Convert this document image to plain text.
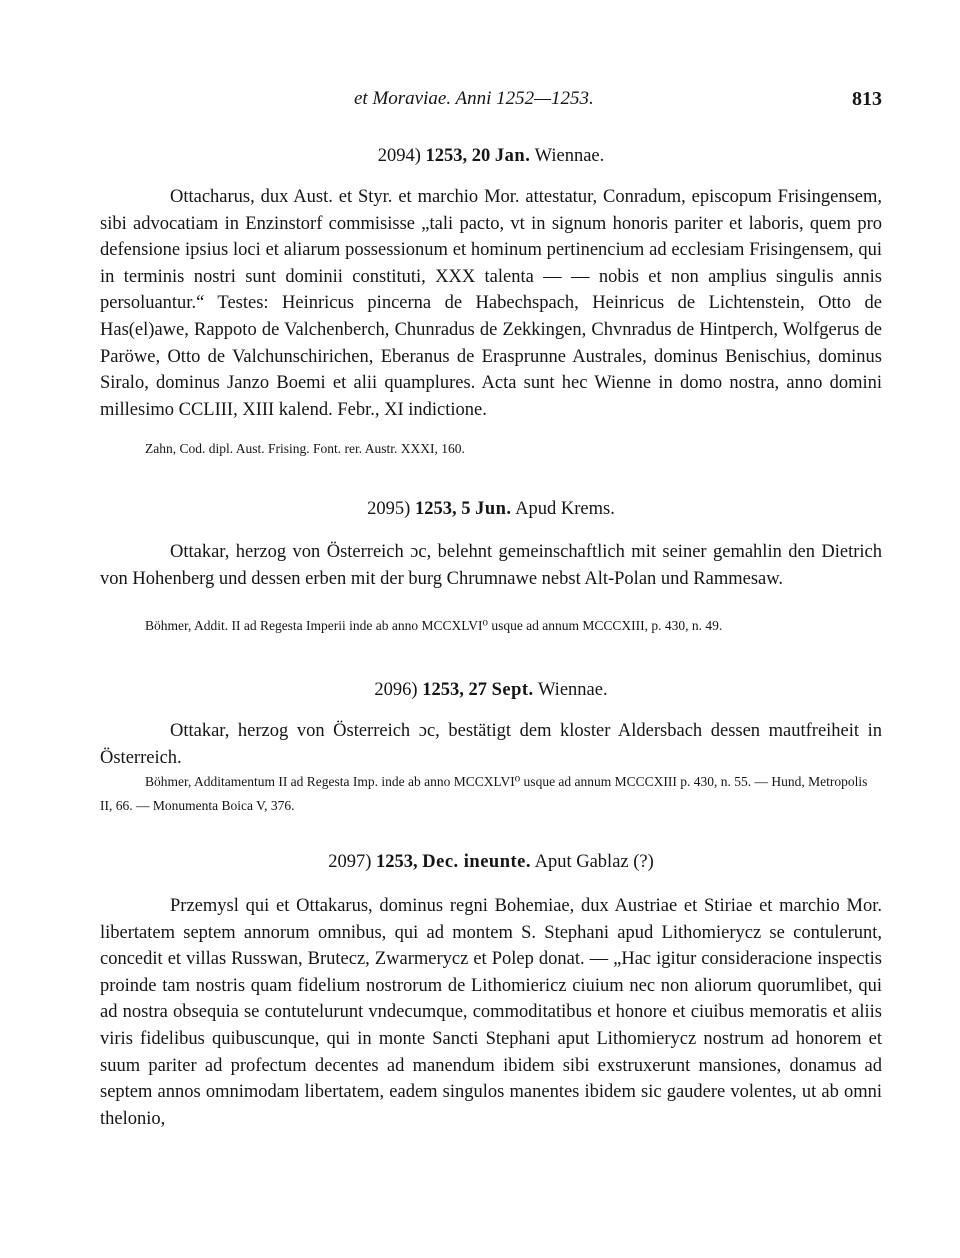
et Moraviae. Anni 1252—1253.	813
2094) 1253, 20 Jan. Wiennae.

Ottacharus, dux Aust. et Styr. et marchio Mor. attestatur, Conradum, episcopum Frisingensem, sibi advocatiam in Enzinstorf commisisse „tali pacto, vt in signum honoris pariter et laboris, quem pro defensione ipsius loci et aliarum possessionum et hominum pertinencium ad ecclesiam Frisingensem, qui in terminis nostri sunt dominii constituti, XXX talenta — — nobis et non amplius singulis annis persoluantur.“ Testes: Heinricus pincerna de Habechspach, Heinricus de Lichtenstein, Otto de Has(el)awe, Rappoto de Valchenberch, Chunradus de Zekkingen, Chvnradus de Hintperch, Wolfgerus de Paröwe, Otto de Valchunschirichen, Eberanus de Erasprunne Australes, dominus Benischius, dominus Siralo, dominus Janzo Boemi et alii quamplures. Acta sunt hec Wienne in domo nostra, anno domini millesimo CCLIII, XIII kalend. Febr., XI indictione.

Zahn, Cod. dipl. Aust. Frising. Font. rer. Austr. XXXI, 160.

2095) 1253, 5 Jun. Apud Krems.

Ottakar, herzog von Österreich ɔc, belehnt gemeinschaftlich mit seiner gemahlin den Dietrich von Hohenberg und dessen erben mit der burg Chrumnawe nebst Alt-Polan und Rammesaw.

Böhmer, Addit. II ad Regesta Imperii inde ab anno MCCXLVI⁰ usque ad annum MCCCXIII, p. 430, n. 49.

2096) 1253, 27 Sept. Wiennae.

Ottakar, herzog von Österreich ɔc, bestätigt dem kloster Aldersbach dessen mautfreiheit in Österreich.

Böhmer, Additamentum II ad Regesta Imp. inde ab anno MCCXLVI⁰ usque ad annum MCCCXIII p. 430, n. 55. — Hund, Metropolis II, 66. — Monumenta Boica V, 376.

2097) 1253, Dec. ineunte. Aput Gablaz (?)

Przemysl qui et Ottakarus, dominus regni Bohemiae, dux Austriae et Stiriae et marchio Mor. libertatem septem annorum omnibus, qui ad montem S. Stephani apud Lithomierycz se contulerunt, concedit et villas Russwan, Brutecz, Zwarmerycz et Polep donat. — „Hac igitur consideracione inspectis proinde tam nostris quam fidelium nostrorum de Lithomiericz ciuium nec non aliorum quorumlibet, qui ad nostra obsequia se contutelurunt vndecumque, commoditatibus et honore et ciuibus memoratis et aliis viris fidelibus quibuscunque, qui in monte Sancti Stephani aput Lithomierycz nostrum ad honorem et suum pariter ad profectum decentes ad manendum ibidem sibi exstruxerunt mansiones, donamus ad septem annos omnimodam libertatem, eadem singulos manentes ibidem sic gaudere volentes, ut ab omni thelonio,
